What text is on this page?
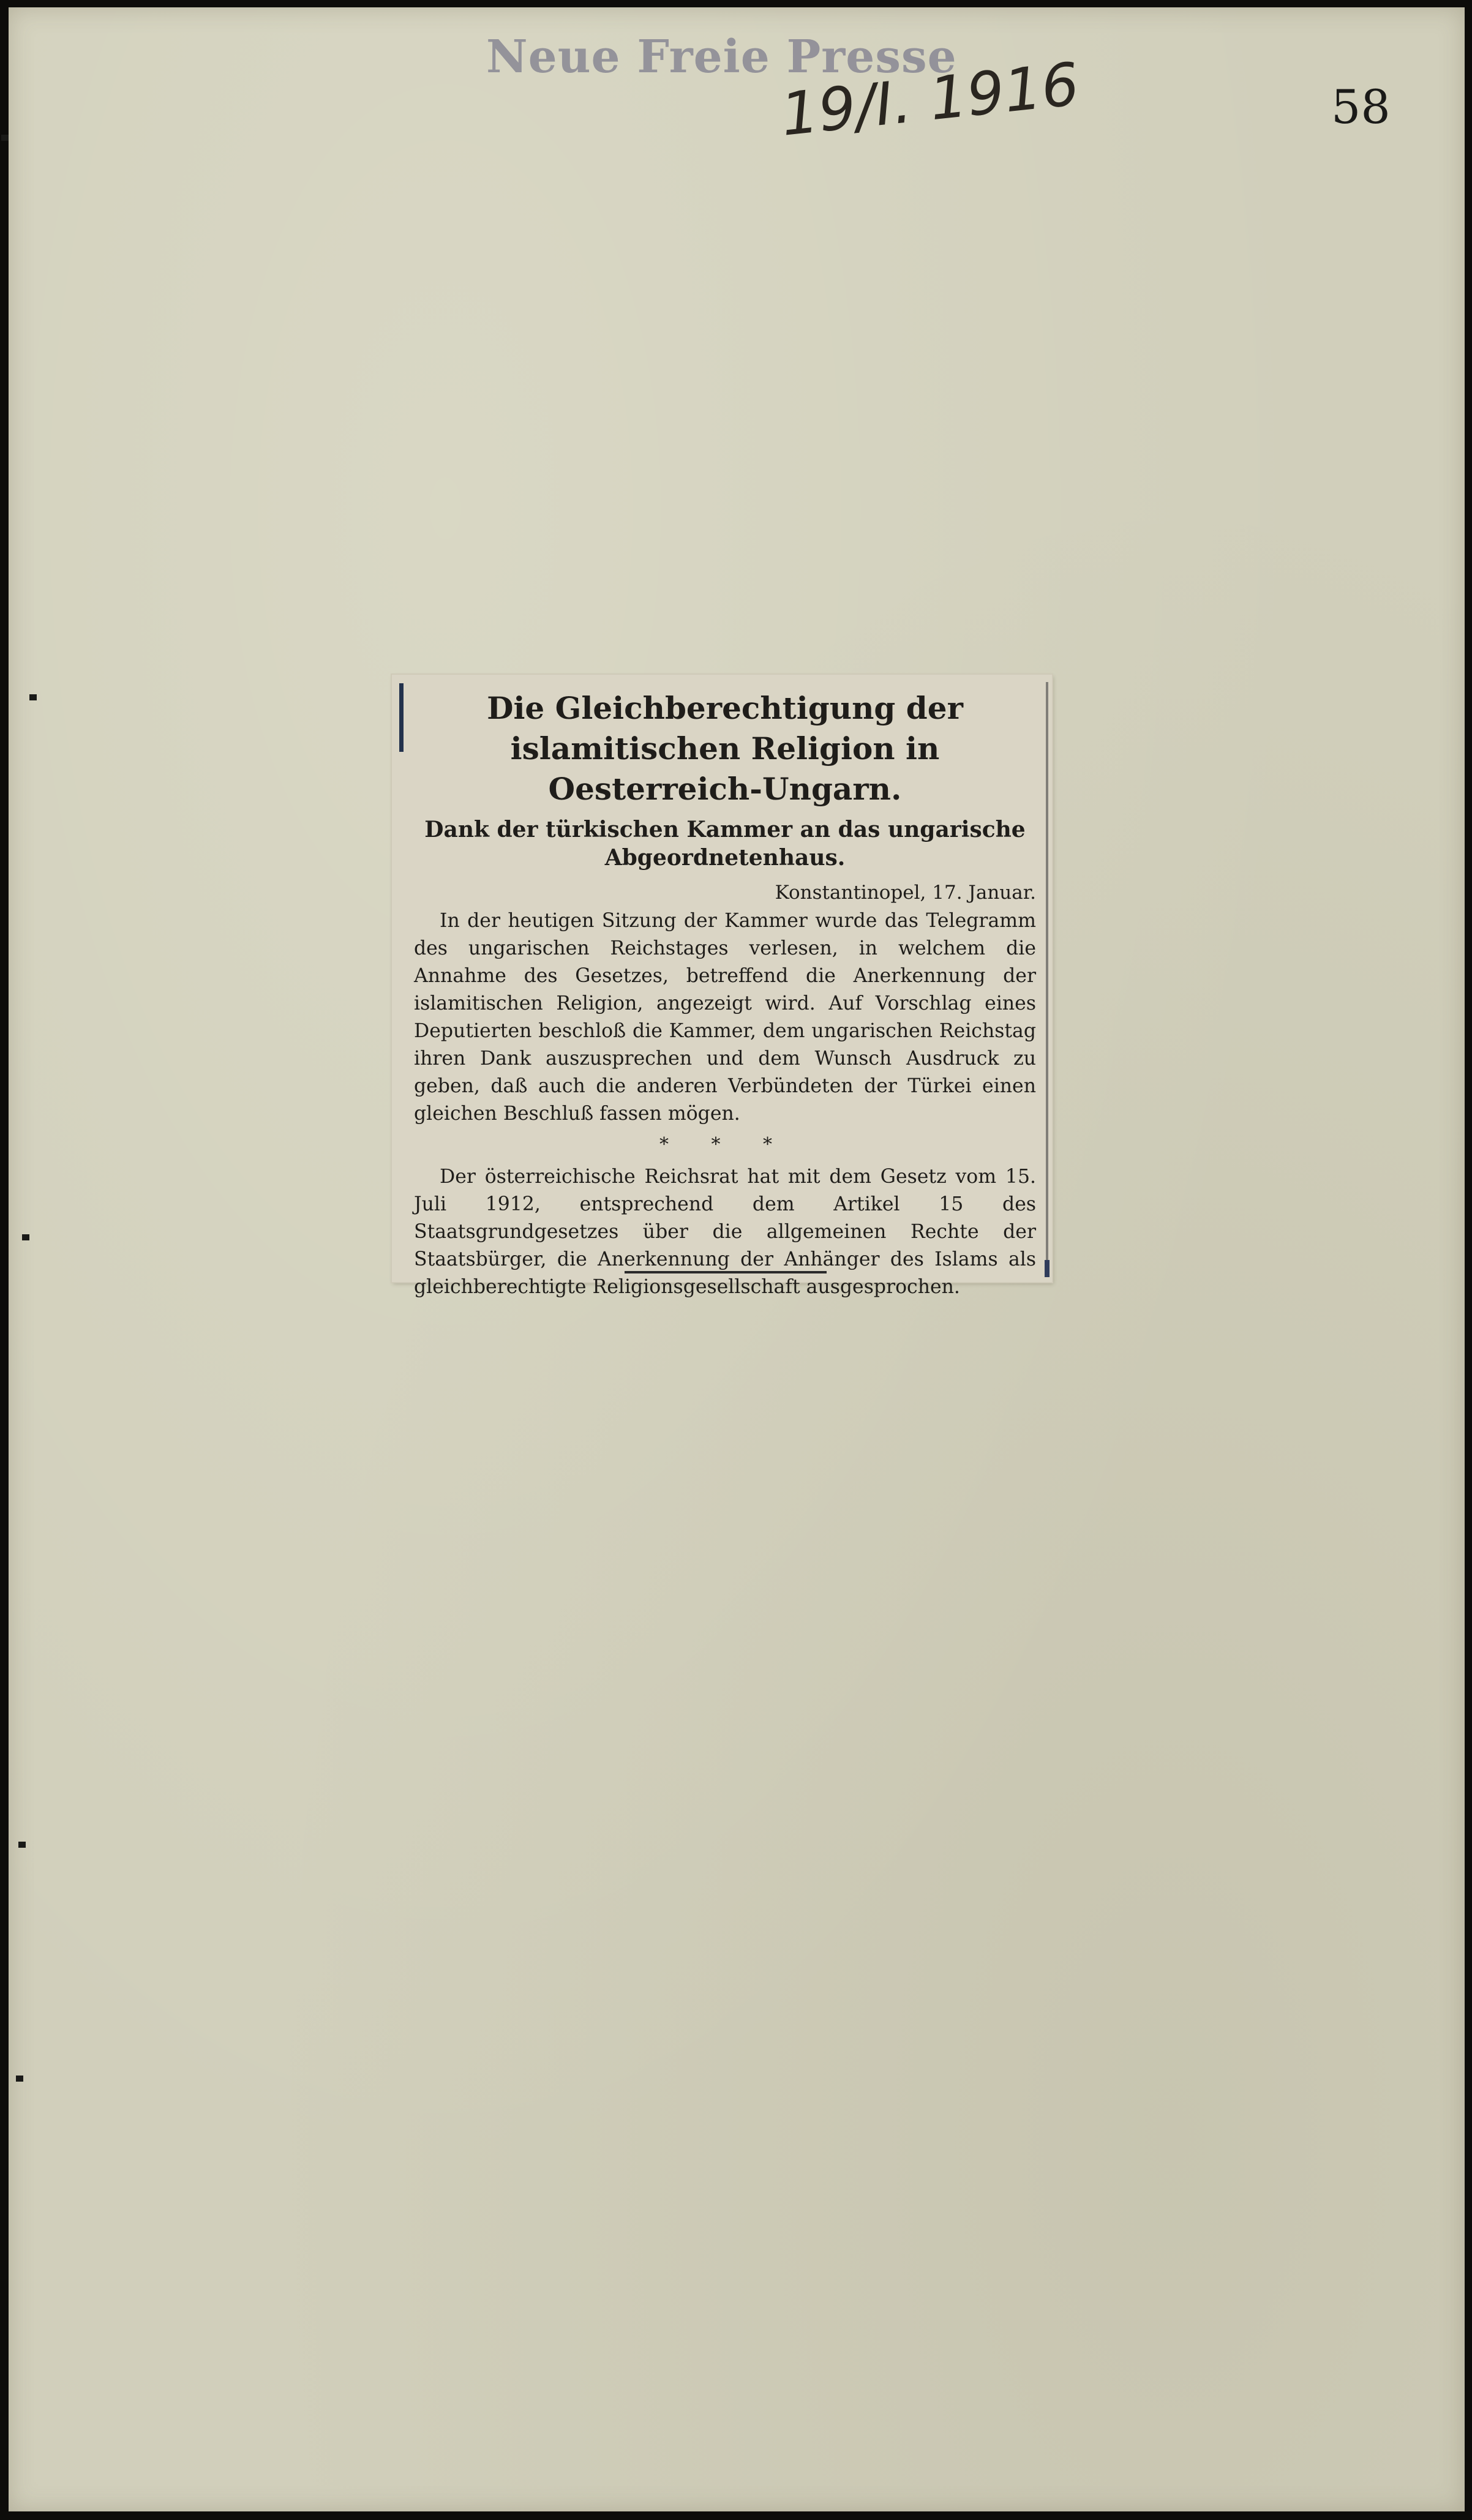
Neue Freie Presse
19/I. 1916	58

Die Gleichberechtigung der islamitischen Religion in Oesterreich-Ungarn.

Dank der türkischen Kammer an das ungarische Abgeordnetenhaus.

Konstantinopel, 17. Januar.

In der heutigen Sitzung der Kammer wurde das Telegramm des ungarischen Reichstages verlesen, in welchem die Annahme des Gesetzes, betreffend die Anerkennung der islamitischen Religion, angezeigt wird. Auf Vorschlag eines Deputierten beschloß die Kammer, dem ungarischen Reichstag ihren Dank auszusprechen und dem Wunsch Ausdruck zu geben, daß auch die anderen Verbündeten der Türkei einen gleichen Beschluß fassen mögen.

* * *

Der österreichische Reichsrat hat mit dem Gesetz vom 15. Juli 1912, entsprechend dem Artikel 15 des Staatsgrundgesetzes über die allgemeinen Rechte der Staatsbürger, die Anerkennung der Anhänger des Islams als gleichberechtigte Religionsgesellschaft ausgesprochen.
